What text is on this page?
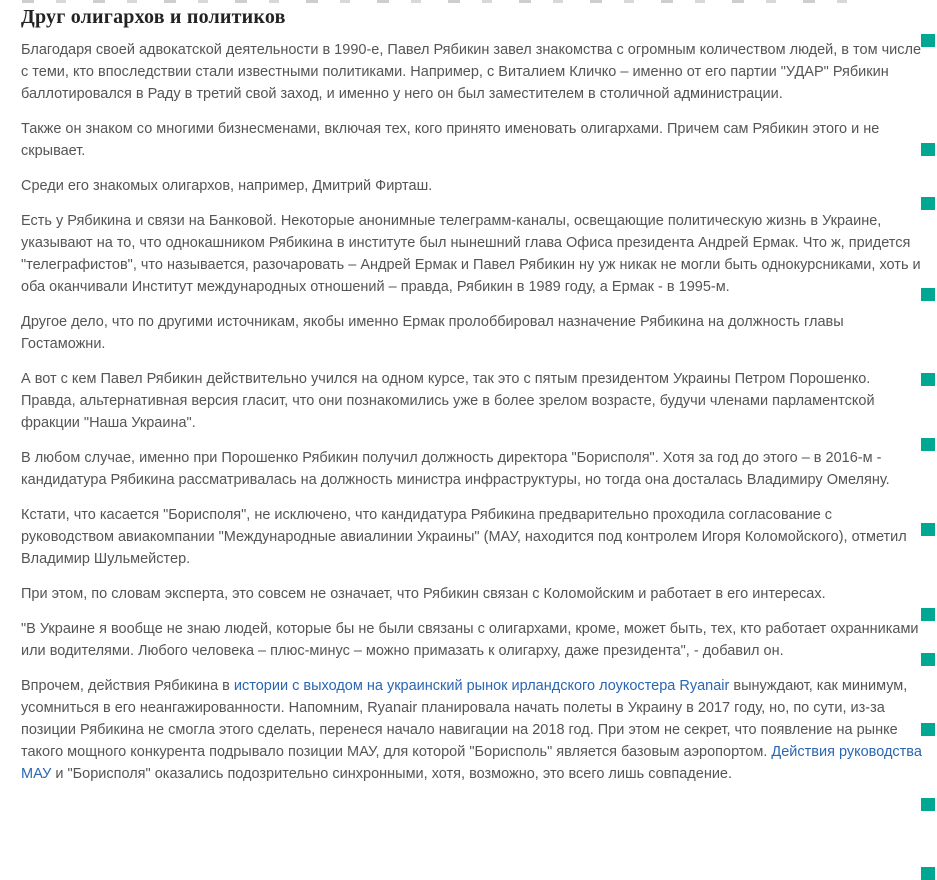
Друг олигархов и политиков

Благодаря своей адвокатской деятельности в 1990-е, Павел Рябикин завел знакомства с огромным количеством людей, в том числе с теми, кто впоследствии стали известными политиками. Например, с Виталием Кличко – именно от его партии "УДАР" Рябикин баллотировался в Раду в третий свой заход, и именно у него он был заместителем в столичной администрации.

Также он знаком со многими бизнесменами, включая тех, кого принято именовать олигархами. Причем сам Рябикин этого и не скрывает.

Среди его знакомых олигархов, например, Дмитрий Фирташ.

Есть у Рябикина и связи на Банковой. Некоторые анонимные телеграмм-каналы, освещающие политическую жизнь в Украине, указывают на то, что однокашником Рябикина в институте был нынешний глава Офиса президента Андрей Ермак. Что ж, придется "телеграфистов", что называется, разочаровать – Андрей Ермак и Павел Рябикин ну уж никак не могли быть однокурсниками, хоть и оба оканчивали Институт международных отношений – правда, Рябикин в 1989 году, а Ермак - в 1995-м.

Другое дело, что по другими источникам, якобы именно Ермак пролоббировал назначение Рябикина на должность главы Гостаможни.

А вот с кем Павел Рябикин действительно учился на одном курсе, так это с пятым президентом Украины Петром Порошенко. Правда, альтернативная версия гласит, что они познакомились уже в более зрелом возрасте, будучи членами парламентской фракции "Наша Украина".

В любом случае, именно при Порошенко Рябикин получил должность директора "Борисполя". Хотя за год до этого – в 2016-м - кандидатура Рябикина рассматривалась на должность министра инфраструктуры, но тогда она досталась Владимиру Омеляну.

Кстати, что касается "Борисполя", не исключено, что кандидатура Рябикина предварительно проходила согласование с руководством авиакомпании "Международные авиалинии Украины" (МАУ, находится под контролем Игоря Коломойского), отметил Владимир Шульмейстер.

При этом, по словам эксперта, это совсем не означает, что Рябикин связан с Коломойским и работает в его интересах.

"В Украине я вообще не знаю людей, которые бы не были связаны с олигархами, кроме, может быть, тех, кто работает охранниками или водителями. Любого человека – плюс-минус – можно примазать к олигарху, даже президента", - добавил он.

Впрочем, действия Рябикина в истории с выходом на украинский рынок ирландского лоукостера Ryanair вынуждают, как минимум, усомниться в его неангажированности. Напомним, Ryanair планировала начать полеты в Украину в 2017 году, но, по сути, из-за позиции Рябикина не смогла этого сделать, перенеся начало навигации на 2018 год. При этом не секрет, что появление на рынке такого мощного конкурента подрывало позиции МАУ, для которой "Борисполь" является базовым аэропортом. Действия руководства МАУ и "Борисполя" оказались подозрительно синхронными, хотя, возможно, это всего лишь совпадение.
